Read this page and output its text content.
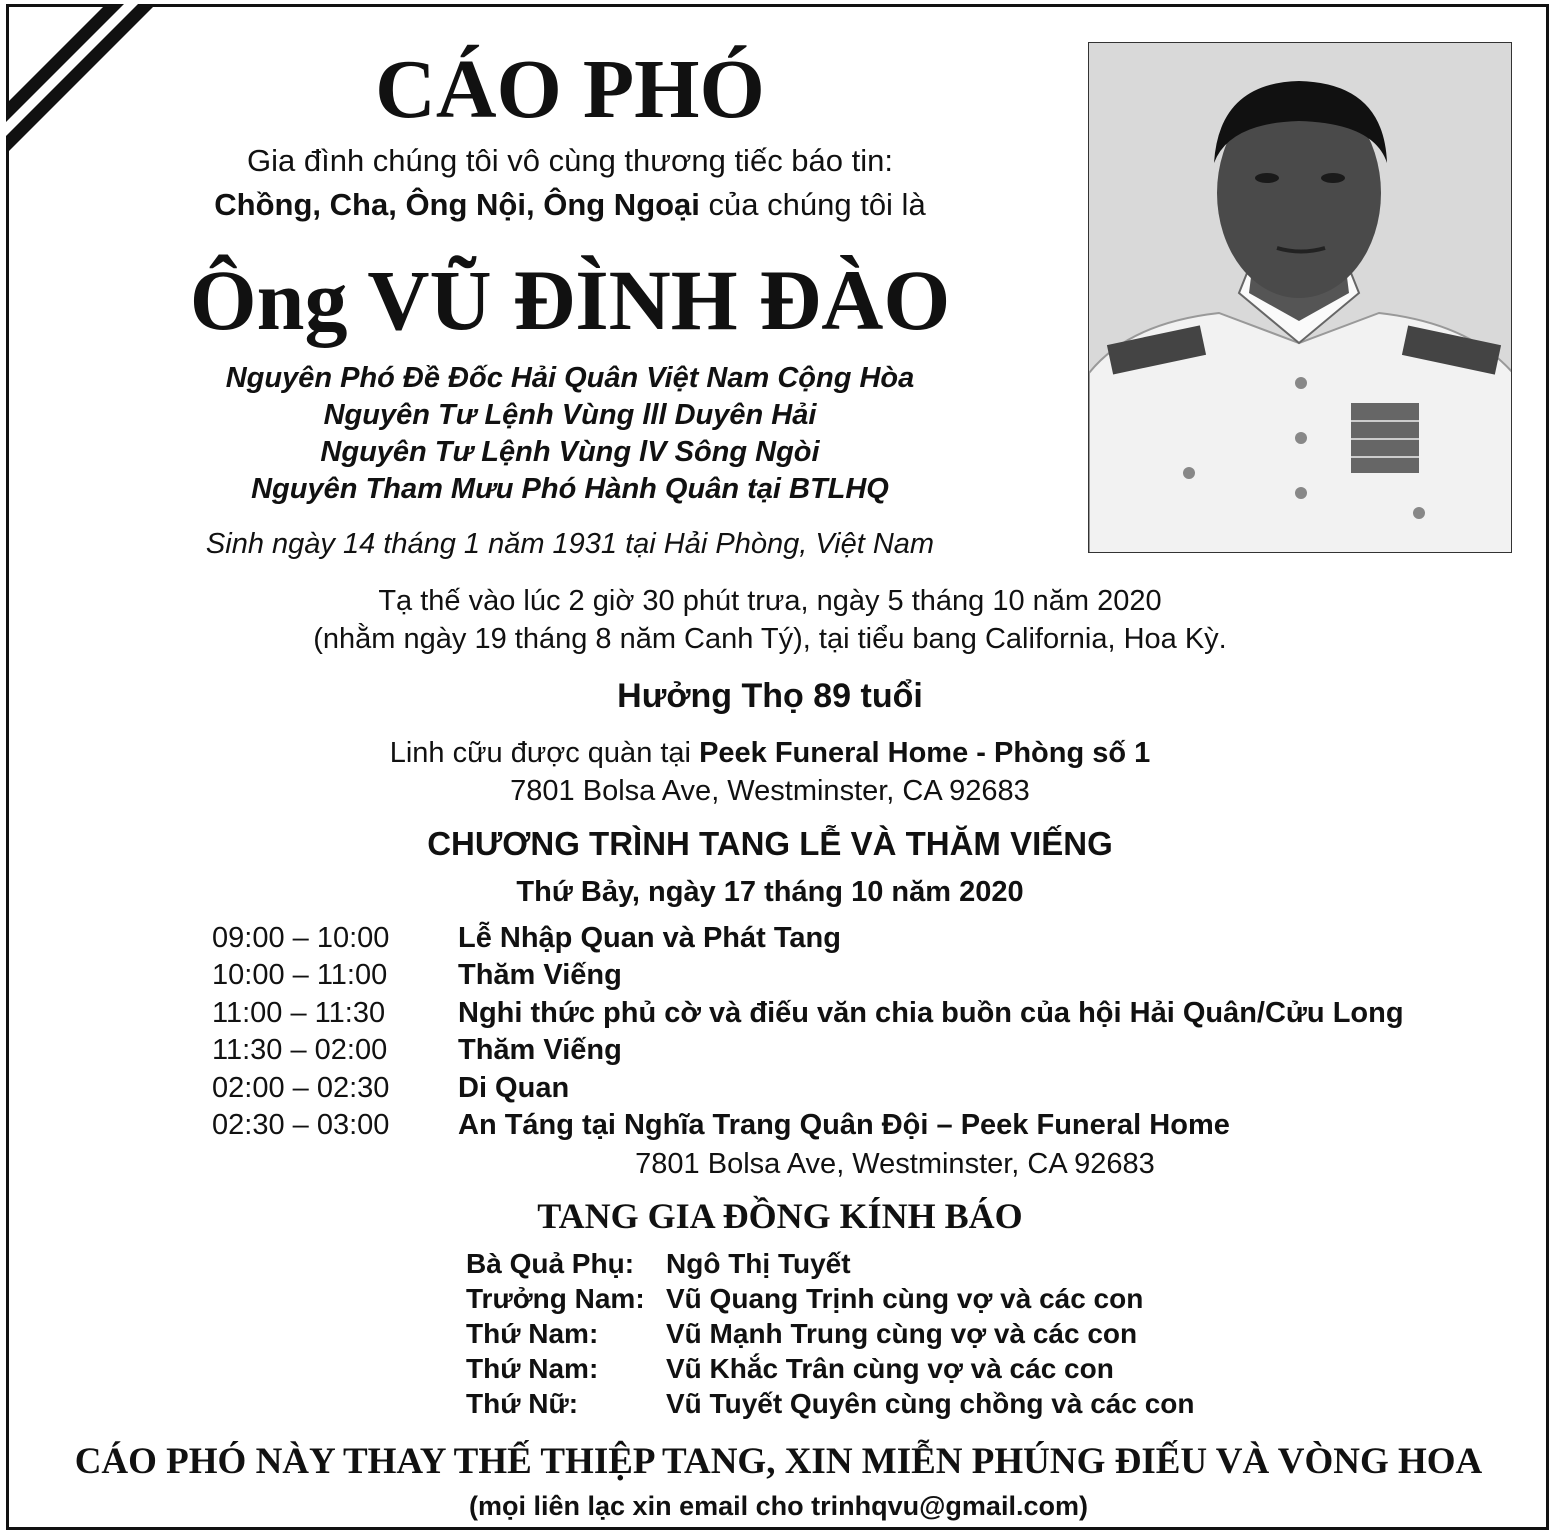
CÁO PHÓ
Gia đình chúng tôi vô cùng thương tiếc báo tin:
Chồng, Cha, Ông Nội, Ông Ngoại của chúng tôi là
Ông VŨ ĐÌNH ĐÀO
Nguyên Phó Đề Đốc Hải Quân Việt Nam Cộng Hòa
Nguyên Tư Lệnh Vùng lll Duyên Hải
Nguyên Tư Lệnh Vùng lV Sông Ngòi
Nguyên Tham Mưu Phó Hành Quân tại BTLHQ
Sinh ngày 14 tháng 1 năm 1931 tại Hải Phòng, Việt Nam
Tạ thế vào lúc 2 giờ 30 phút trưa, ngày 5 tháng 10 năm 2020
(nhằm ngày 19 tháng 8 năm Canh Tý), tại tiểu bang California, Hoa Kỳ.
Hưởng Thọ 89 tuổi
Linh cữu được quàn tại Peek Funeral Home - Phòng số 1
7801 Bolsa Ave, Westminster, CA 92683
CHƯƠNG TRÌNH TANG LỄ VÀ THĂM VIẾNG
Thứ Bảy, ngày 17 tháng 10 năm 2020
09:00 – 10:00	Lễ Nhập Quan và Phát Tang
10:00 – 11:00	Thăm Viếng
11:00 – 11:30	Nghi thức phủ cờ và điếu văn chia buồn của hội Hải Quân/Cửu Long
11:30 – 02:00	Thăm Viếng
02:00 – 02:30	Di Quan
02:30 – 03:00	An Táng tại Nghĩa Trang Quân Đội – Peek Funeral Home
7801 Bolsa Ave, Westminster, CA 92683
TANG GIA ĐỒNG KÍNH BÁO
Bà Quả Phụ:	Ngô Thị Tuyết
Trưởng Nam: Vũ Quang Trịnh cùng vợ và các con
Thứ Nam:	Vũ Mạnh Trung cùng vợ và các con
Thứ Nam:	Vũ Khắc Trân cùng vợ và các con
Thứ Nữ:	Vũ Tuyết Quyên cùng chồng và các con
CÁO PHÓ NÀY THAY THẾ THIỆP TANG, XIN MIỄN PHÚNG ĐIẾU VÀ VÒNG HOA
(mọi liên lạc xin email cho trinhqvu@gmail.com)
